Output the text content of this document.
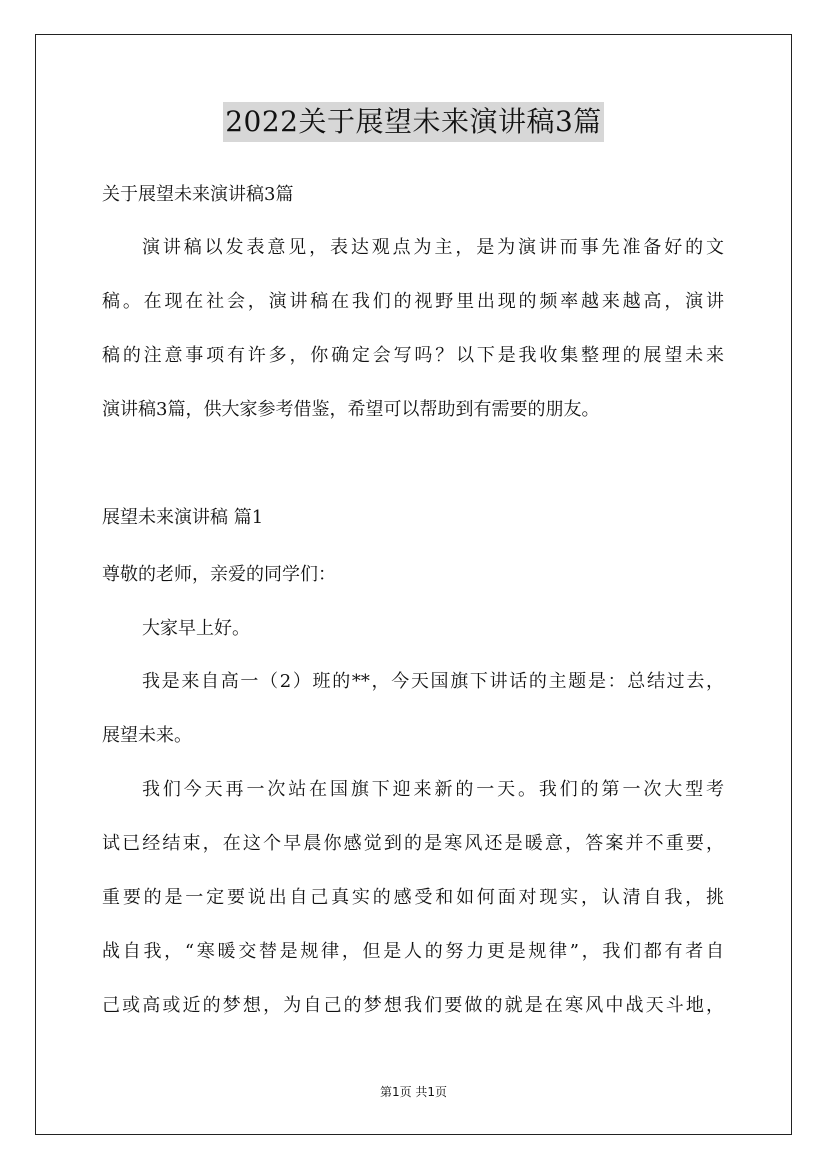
2022关于展望未来演讲稿3篇
关于展望未来演讲稿3篇
演讲稿以发表意见，表达观点为主，是为演讲而事先准备好的文
稿。在现在社会，演讲稿在我们的视野里出现的频率越来越高，演讲
稿的注意事项有许多，你确定会写吗？以下是我收集整理的展望未来
演讲稿3篇，供大家参考借鉴，希望可以帮助到有需要的朋友。
展望未来演讲稿 篇1
尊敬的老师，亲爱的同学们：
大家早上好。
我是来自高一（2）班的**，今天国旗下讲话的主题是：总结过去，
展望未来。
我们今天再一次站在国旗下迎来新的一天。我们的第一次大型考
试已经结束，在这个早晨你感觉到的是寒风还是暖意，答案并不重要，
重要的是一定要说出自己真实的感受和如何面对现实，认清自我，挑
战自我，“寒暖交替是规律，但是人的努力更是规律”，我们都有者自
己或高或近的梦想，为自己的梦想我们要做的就是在寒风中战天斗地，
第1页 共1页
